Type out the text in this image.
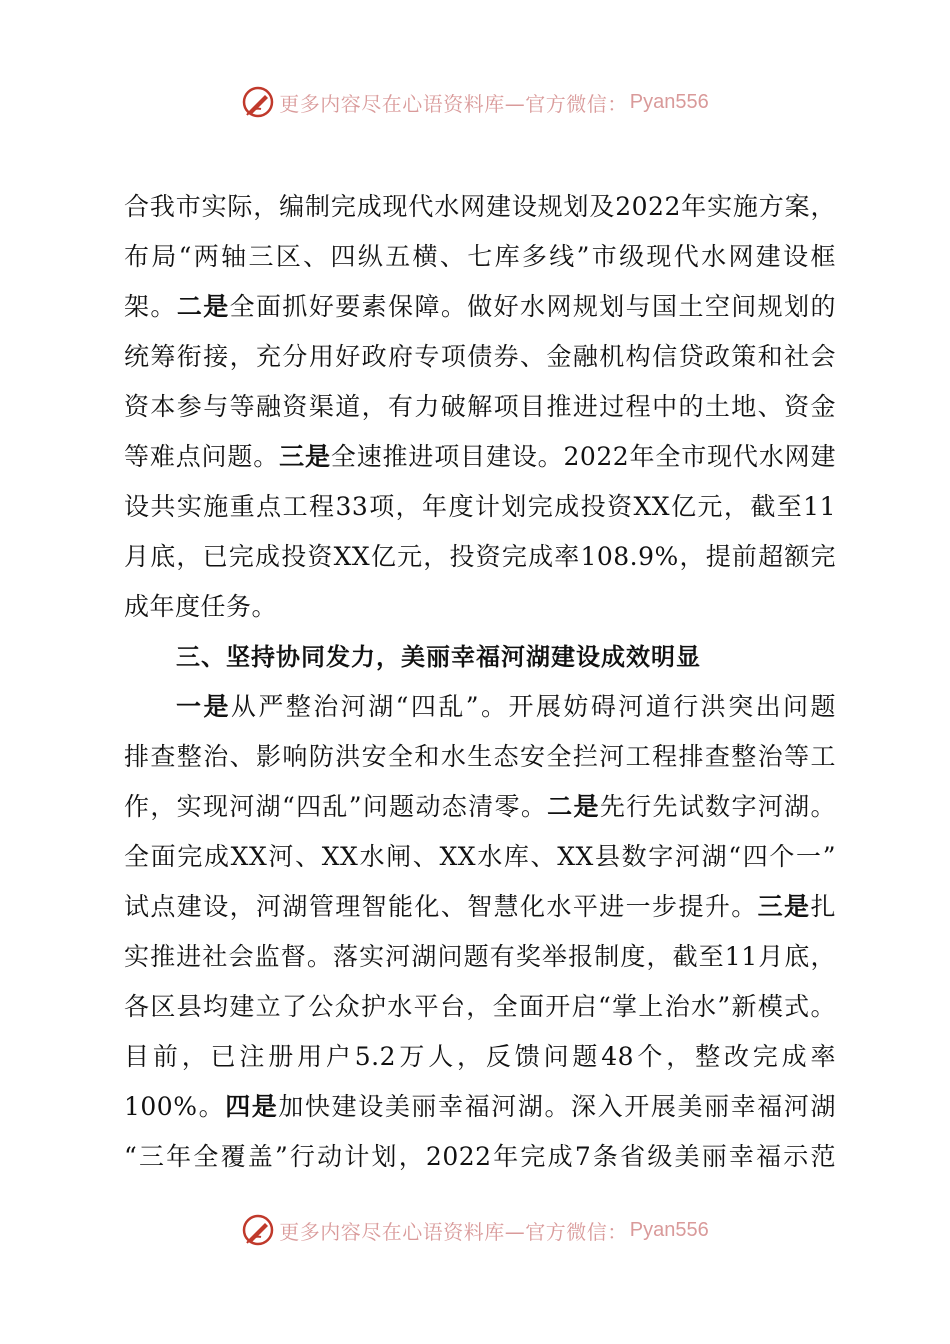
更多内容尽在心语资料库—官方微信： Pyan556
合我市实际，编制完成现代水网建设规划及2022年实施方案，
布局“两轴三区、四纵五横、七库多线”市级现代水网建设框
架。二是全面抓好要素保障。做好水网规划与国土空间规划的
统筹衔接，充分用好政府专项债券、金融机构信贷政策和社会
资本参与等融资渠道，有力破解项目推进过程中的土地、资金
等难点问题。三是全速推进项目建设。2022年全市现代水网建
设共实施重点工程33项，年度计划完成投资XX亿元，截至11
月底，已完成投资XX亿元，投资完成率108.9%，提前超额完
成年度任务。
三、坚持协同发力，美丽幸福河湖建设成效明显
一是从严整治河湖“四乱”。开展妨碍河道行洪突出问题
排查整治、影响防洪安全和水生态安全拦河工程排查整治等工
作，实现河湖“四乱”问题动态清零。二是先行先试数字河湖。
全面完成XX河、XX水闸、XX水库、XX县数字河湖“四个一”
试点建设，河湖管理智能化、智慧化水平进一步提升。三是扎
实推进社会监督。落实河湖问题有奖举报制度，截至11月底，
各区县均建立了公众护水平台，全面开启“掌上治水”新模式。
目前，已注册用户5.2万人，反馈问题48个，整改完成率
100%。四是加快建设美丽幸福河湖。深入开展美丽幸福河湖
“三年全覆盖”行动计划，2022年完成7条省级美丽幸福示范
更多内容尽在心语资料库—官方微信： Pyan556
